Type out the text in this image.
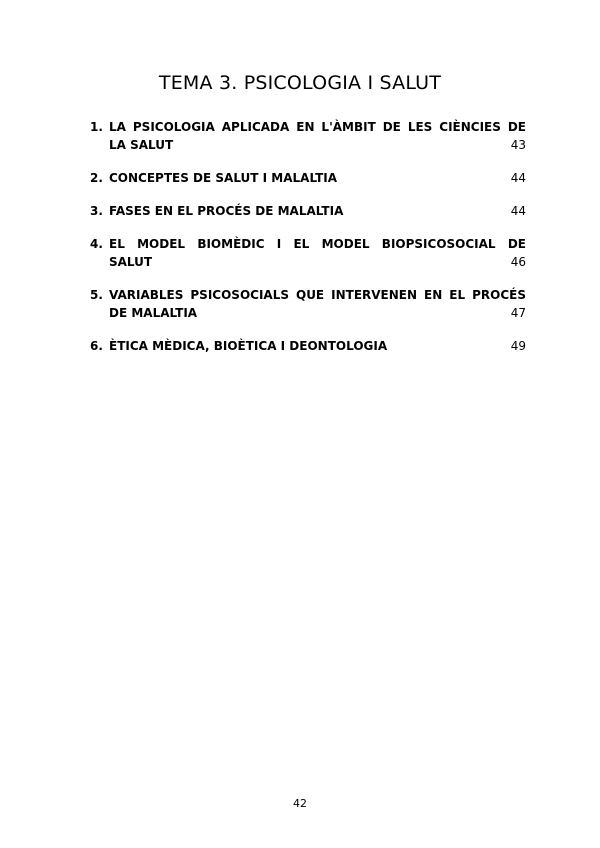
TEMA 3. PSICOLOGIA I SALUT
1. LA PSICOLOGIA APLICADA EN L'ÀMBIT DE LES CIÈNCIES DE
LA SALUT	43
2. CONCEPTES DE SALUT I MALALTIA	44
3. FASES EN EL PROCÉS DE MALALTIA	44
4. EL MODEL BIOMÈDIC I EL MODEL BIOPSICOSOCIAL DE
SALUT	46
5. VARIABLES PSICOSOCIALS QUE INTERVENEN EN EL PROCÉS
DE MALALTIA	47
6. ÈTICA MÈDICA, BIOÈTICA I DEONTOLOGIA	49
42
